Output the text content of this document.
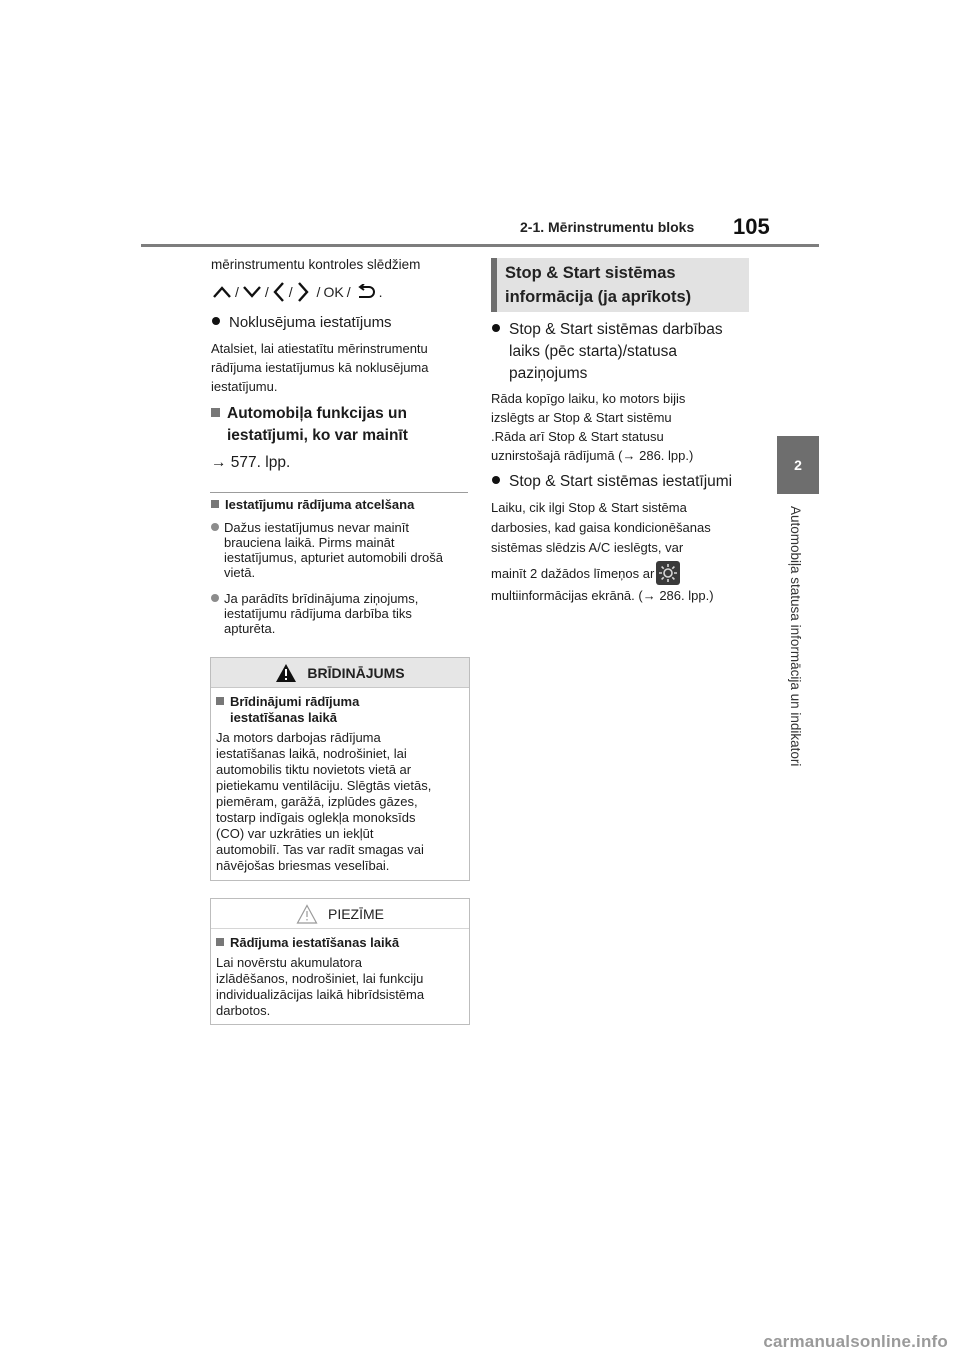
2-1. Mērinstrumentu bloks 105
2
Automobiļa statusa informācija un indikatori
mērinstrumentu kontroles slēdžiem
/ / / / OK / .
Noklusējuma iestatījums
Atalsiet, lai atiestatītu mērinstrumentu
rādījuma iestatījumus kā noklusējuma
iestatījumu.
Automobiļa funkcijas un
iestatījumi, ko var mainīt
→ 577. lpp.
Iestatījumu rādījuma atcelšana
Dažus iestatījumus nevar mainīt
brauciena laikā. Pirms maināt
iestatījumus, apturiet automobili drošā
vietā.
Ja parādīts brīdinājuma ziņojums,
iestatījumu rādījuma darbība tiks
apturēta.
BRĪDINĀJUMS
Brīdinājumi rādījuma
iestatīšanas laikā
Ja motors darbojas rādījuma
iestatīšanas laikā, nodrošiniet, lai
automobilis tiktu novietots vietā ar
pietiekamu ventilāciju. Slēgtās vietās,
piemēram, garāžā, izplūdes gāzes,
tostarp indīgais oglekļa monoksīds
(CO) var uzkrāties un iekļūt
automobilī. Tas var radīt smagas vai
nāvējošas briesmas veselībai.
PIEZĪME
Rādījuma iestatīšanas laikā
Lai novērstu akumulatora
izlādēšanos, nodrošiniet, lai funkciju
individualizācijas laikā hibrīdsistēma
darbotos.
Stop & Start sistēmas
informācija (ja aprīkots)
Stop & Start sistēmas darbības
laiks (pēc starta)/statusa
paziņojums
Rāda kopīgo laiku, ko motors bijis
izslēgts ar Stop & Start sistēmu
.Rāda arī Stop & Start statusu
uznirstošajā rādījumā (→ 286. lpp.)
Stop & Start sistēmas iestatījumi
Laiku, cik ilgi Stop & Start sistēma
darbosies, kad gaisa kondicionēšanas
sistēmas slēdzis A/C ieslēgts, var
mainīt 2 dažādos līmeņos ar
multiinformācijas ekrānā. (→ 286. lpp.)
carmanualsonline.info
